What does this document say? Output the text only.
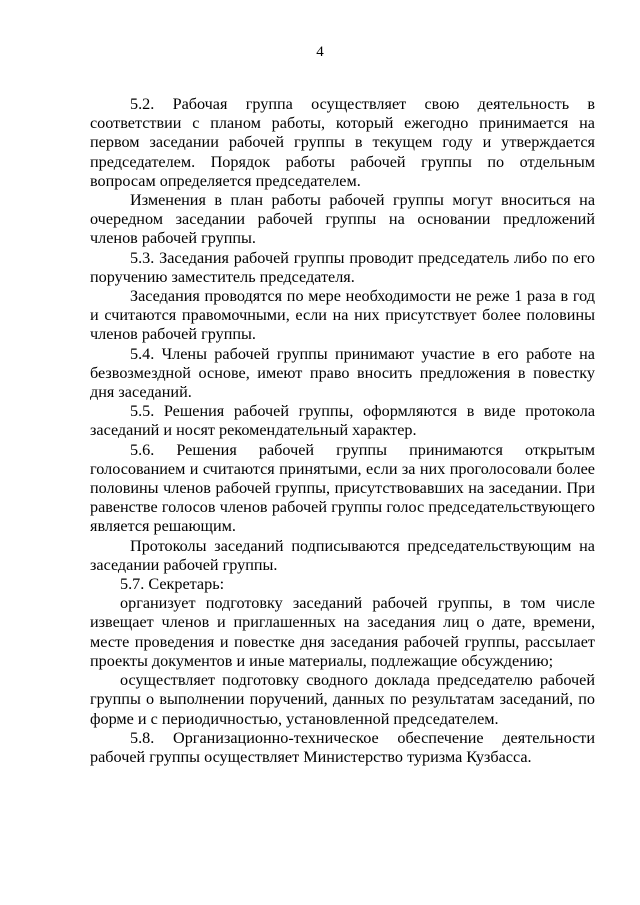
4

5.2. Рабочая группа осуществляет свою деятельность в соответствии с планом работы, который ежегодно принимается на первом заседании рабочей группы в текущем году и утверждается председателем. Порядок работы рабочей группы по отдельным вопросам определяется председателем.

Изменения в план работы рабочей группы могут вноситься на очередном заседании рабочей группы на основании предложений членов рабочей группы.

5.3. Заседания рабочей группы проводит председатель либо по его поручению заместитель председателя.

Заседания проводятся по мере необходимости не реже 1 раза в год и считаются правомочными, если на них присутствует более половины членов рабочей группы.

5.4. Члены рабочей группы принимают участие в его работе на безвозмездной основе, имеют право вносить предложения в повестку дня заседаний.

5.5. Решения рабочей группы, оформляются в виде протокола заседаний и носят рекомендательный характер.

5.6. Решения рабочей группы принимаются открытым голосованием и считаются принятыми, если за них проголосовали более половины членов рабочей группы, присутствовавших на заседании. При равенстве голосов членов рабочей группы голос председательствующего является решающим.

Протоколы заседаний подписываются председательствующим на заседании рабочей группы.

5.7. Секретарь:

организует подготовку заседаний рабочей группы, в том числе извещает членов и приглашенных на заседания лиц о дате, времени, месте проведения и повестке дня заседания рабочей группы, рассылает проекты документов и иные материалы, подлежащие обсуждению;

осуществляет подготовку сводного доклада председателю рабочей группы о выполнении поручений, данных по результатам заседаний, по форме и с периодичностью, установленной председателем.

5.8. Организационно-техническое обеспечение деятельности рабочей группы осуществляет Министерство туризма Кузбасса.
